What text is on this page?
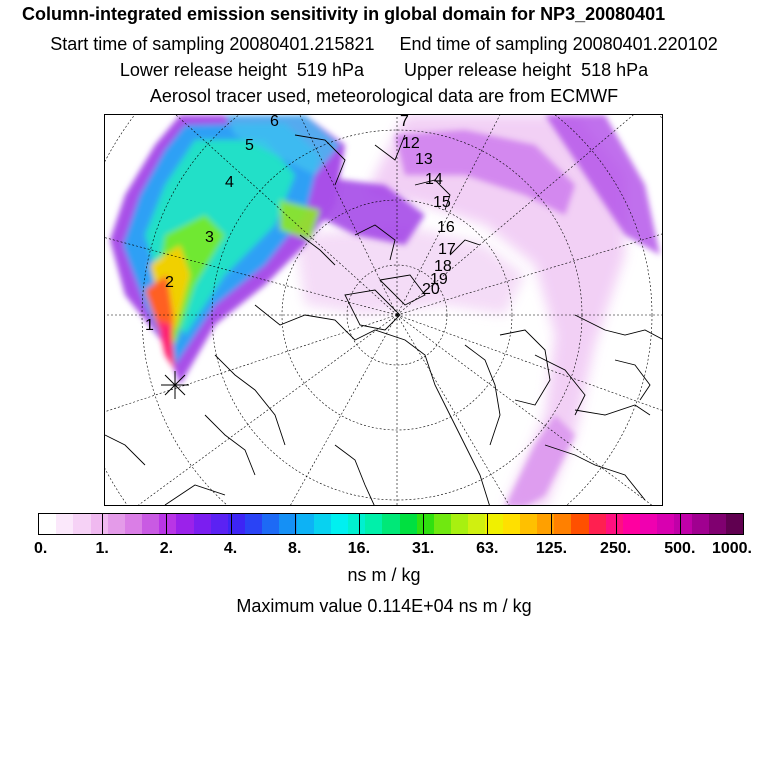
Column-integrated emission sensitivity in global domain for NP3_20080401
Start time of sampling 20080401.215821     End time of sampling 20080401.220102
Lower release height  519 hPa        Upper release height  518 hPa
Aerosol tracer used, meteorological data are from ECMWF
1
2
3
4
5
6	7
12
13
14
15
16
17
18
19
20
0.	1.	2.	4.	8.	16.	31.	63. 125. 250. 500. 1000.
ns m / kg
Maximum value 0.114E+04 ns m / kg
